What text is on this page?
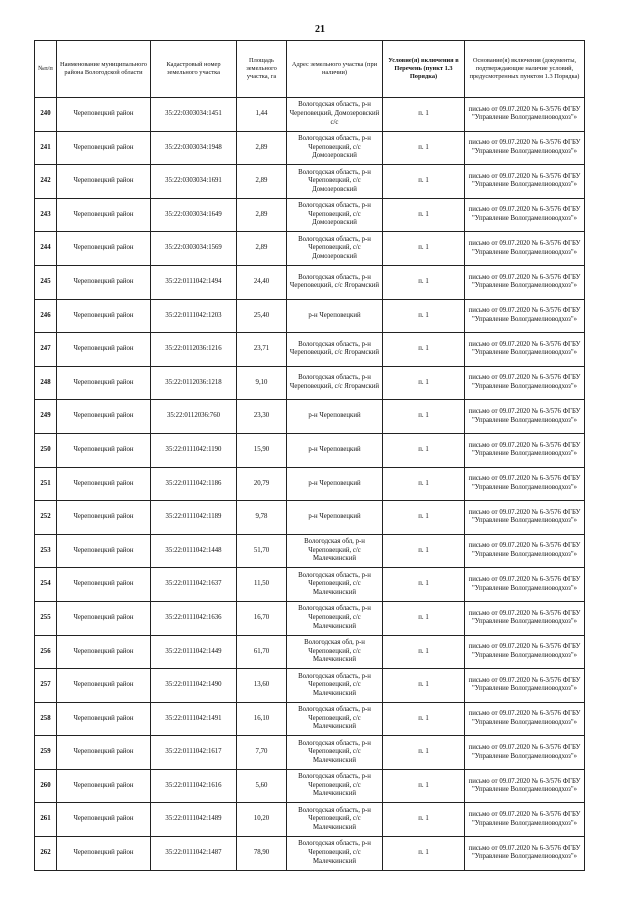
21
№п/п	Наименование муниципального района Вологодской области	Кадастровый номер земельного участка	Площадь земельного участка, га	Адрес земельного участка (при наличии)	Условие(я) включения в Перечень (пункт 1.3 Порядка)	Основание(я) включения (документы, подтверждающие наличие условий, предусмотренных пунктом 1.3 Порядка)
240	Череповецкий район	35:22:0303034:1451	1,44	Вологодская область, р-н Череповецкий, Домозеровский с/с	п. 1	письмо от 09.07.2020 № 6-3/576 ФГБУ "Управление Вологдамелиоводхоз"»
241	Череповецкий район	35:22:0303034:1948	2,89	Вологодская область, р-н Череповецкий, с/с Домозеровский	п. 1	письмо от 09.07.2020 № 6-3/576 ФГБУ "Управление Вологдамелиоводхоз"»
242	Череповецкий район	35:22:0303034:1691	2,89	Вологодская область, р-н Череповецкий, с/с Домозеровский	п. 1	письмо от 09.07.2020 № 6-3/576 ФГБУ "Управление Вологдамелиоводхоз"»
243	Череповецкий район	35:22:0303034:1649	2,89	Вологодская область, р-н Череповецкий, с/с Домозеровский	п. 1	письмо от 09.07.2020 № 6-3/576 ФГБУ "Управление Вологдамелиоводхоз"»
244	Череповецкий район	35:22:0303034:1569	2,89	Вологодская область, р-н Череповецкий, с/с Домозеровский	п. 1	письмо от 09.07.2020 № 6-3/576 ФГБУ "Управление Вологдамелиоводхоз"»
245	Череповецкий район	35:22:0111042:1494	24,40	Вологодская область, р-н Череповецкий, с/с Ягорамский	п. 1	письмо от 09.07.2020 № 6-3/576 ФГБУ "Управление Вологдамелиоводхоз"»
246	Череповецкий район	35:22:0111042:1203	25,40	р-н Череповецкий	п. 1	письмо от 09.07.2020 № 6-3/576 ФГБУ "Управление Вологдамелиоводхоз"»
247	Череповецкий район	35:22:0112036:1216	23,71	Вологодская область, р-н Череповецкий, с/с Ягорамский	п. 1	письмо от 09.07.2020 № 6-3/576 ФГБУ "Управление Вологдамелиоводхоз"»
248	Череповецкий район	35:22:0112036:1218	9,10	Вологодская область, р-н Череповецкий, с/с Ягорамский	п. 1	письмо от 09.07.2020 № 6-3/576 ФГБУ "Управление Вологдамелиоводхоз"»
249	Череповецкий район	35:22:0112036:760	23,30	р-н Череповецкий	п. 1	письмо от 09.07.2020 № 6-3/576 ФГБУ "Управление Вологдамелиоводхоз"»
250	Череповецкий район	35:22:0111042:1190	15,90	р-н Череповецкий	п. 1	письмо от 09.07.2020 № 6-3/576 ФГБУ "Управление Вологдамелиоводхоз"»
251	Череповецкий район	35:22:0111042:1186	20,79	р-н Череповецкий	п. 1	письмо от 09.07.2020 № 6-3/576 ФГБУ "Управление Вологдамелиоводхоз"»
252	Череповецкий район	35:22:0111042:1189	9,78	р-н Череповецкий	п. 1	письмо от 09.07.2020 № 6-3/576 ФГБУ "Управление Вологдамелиоводхоз"»
253	Череповецкий район	35:22:0111042:1448	51,70	Вологодская обл, р-н Череповецкий, с/с Малечкинский	п. 1	письмо от 09.07.2020 № 6-3/576 ФГБУ "Управление Вологдамелиоводхоз"»
254	Череповецкий район	35:22:0111042:1637	11,50	Вологодская область, р-н Череповецкий, с/с Малечкинский	п. 1	письмо от 09.07.2020 № 6-3/576 ФГБУ "Управление Вологдамелиоводхоз"»
255	Череповецкий район	35:22:0111042:1636	16,70	Вологодская область, р-н Череповецкий, с/с Малечкинский	п. 1	письмо от 09.07.2020 № 6-3/576 ФГБУ "Управление Вологдамелиоводхоз"»
256	Череповецкий район	35:22:0111042:1449	61,70	Вологодская обл, р-н Череповецкий, с/с Малечкинский	п. 1	письмо от 09.07.2020 № 6-3/576 ФГБУ "Управление Вологдамелиоводхоз"»
257	Череповецкий район	35:22:0111042:1490	13,60	Вологодская область, р-н Череповецкий, с/с Малечкинский	п. 1	письмо от 09.07.2020 № 6-3/576 ФГБУ "Управление Вологдамелиоводхоз"»
258	Череповецкий район	35:22:0111042:1491	16,10	Вологодская область, р-н Череповецкий, с/с Малечкинский	п. 1	письмо от 09.07.2020 № 6-3/576 ФГБУ "Управление Вологдамелиоводхоз"»
259	Череповецкий район	35:22:0111042:1617	7,70	Вологодская область, р-н Череповецкий, с/с Малечкинский	п. 1	письмо от 09.07.2020 № 6-3/576 ФГБУ "Управление Вологдамелиоводхоз"»
260	Череповецкий район	35:22:0111042:1616	5,60	Вологодская область, р-н Череповецкий, с/с Малечкинский	п. 1	письмо от 09.07.2020 № 6-3/576 ФГБУ "Управление Вологдамелиоводхоз"»
261	Череповецкий район	35:22:0111042:1489	10,20	Вологодская область, р-н Череповецкий, с/с Малечкинский	п. 1	письмо от 09.07.2020 № 6-3/576 ФГБУ "Управление Вологдамелиоводхоз"»
262	Череповецкий район	35:22:0111042:1487	78,90	Вологодская область, р-н Череповецкий, с/с Малечкинский	п. 1	письмо от 09.07.2020 № 6-3/576 ФГБУ "Управление Вологдамелиоводхоз"»
